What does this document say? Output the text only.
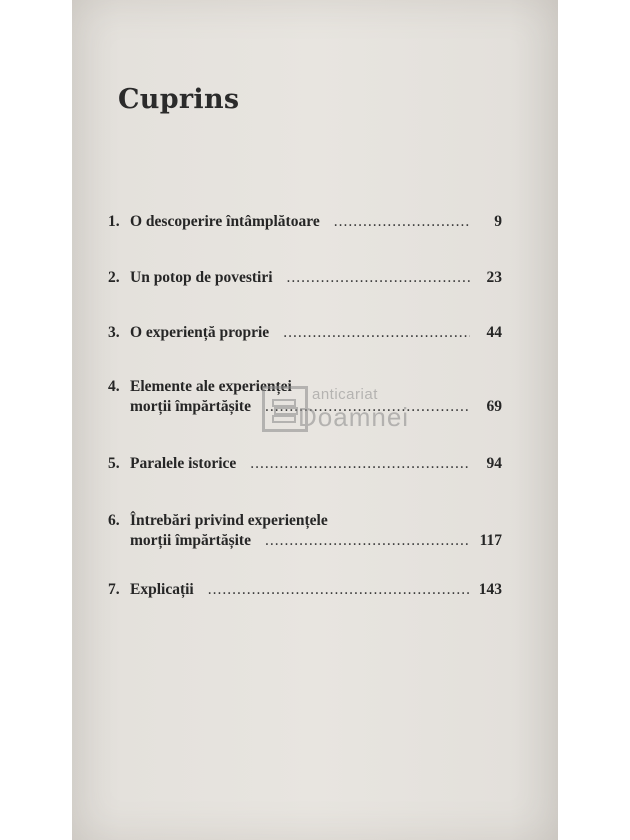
Cuprins
1. O descoperire întâmplătoare .....	9
2. Un potop de povestiri .....	23
3. O experiență proprie .....	44
4. Elemente ale experienței
morții împărtășite .....	69
5. Paralele istorice .....	94
6. Întrebări privind experiențele
morții împărtășite .....	117
7. Explicații .....	143
anticariat
Doamnei
